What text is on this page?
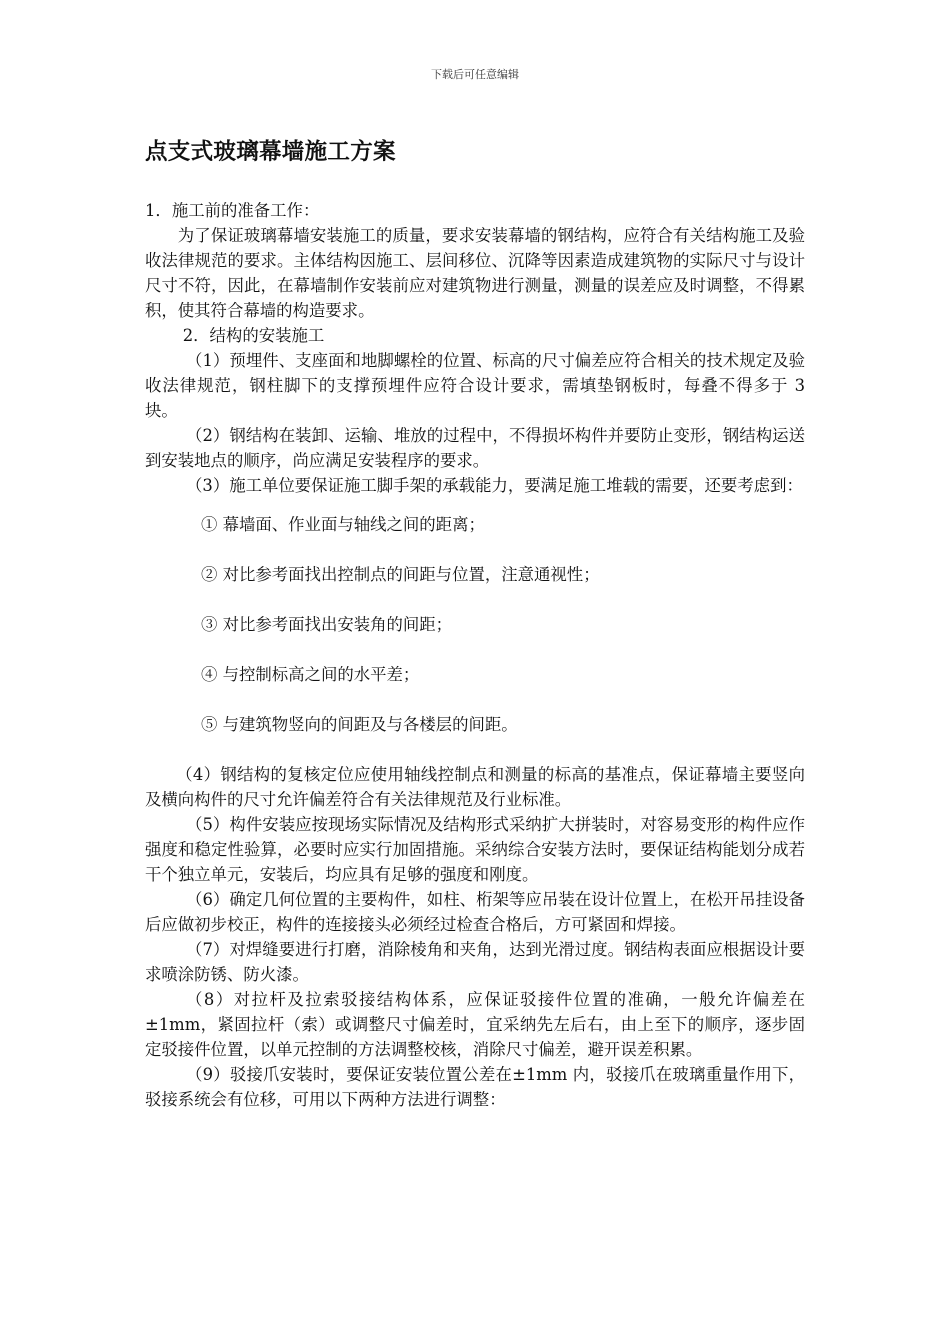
下载后可任意编辑
点支式玻璃幕墙施工方案

1．施工前的准备工作：

为了保证玻璃幕墙安装施工的质量，要求安装幕墙的钢结构，应符合有关结构施工及验收法律规范的要求。主体结构因施工、层间移位、沉降等因素造成建筑物的实际尺寸与设计尺寸不符，因此，在幕墙制作安装前应对建筑物进行测量，测量的误差应及时调整，不得累积，使其符合幕墙的构造要求。

2．结构的安装施工

（1）预埋件、支座面和地脚螺栓的位置、标高的尺寸偏差应符合相关的技术规定及验收法律规范，钢柱脚下的支撑预埋件应符合设计要求，需填垫钢板时，每叠不得多于 3 块。

（2）钢结构在装卸、运输、堆放的过程中，不得损坏构件并要防止变形，钢结构运送到安装地点的顺序，尚应满足安装程序的要求。

（3）施工单位要保证施工脚手架的承载能力，要满足施工堆载的需要，还要考虑到：

① 幕墙面、作业面与轴线之间的距离；
② 对比参考面找出控制点的间距与位置，注意通视性；
③ 对比参考面找出安装角的间距；
④ 与控制标高之间的水平差；
⑤ 与建筑物竖向的间距及与各楼层的间距。

（4）钢结构的复核定位应使用轴线控制点和测量的标高的基准点，保证幕墙主要竖向及横向构件的尺寸允许偏差符合有关法律规范及行业标准。

（5）构件安装应按现场实际情况及结构形式采纳扩大拼装时，对容易变形的构件应作强度和稳定性验算，必要时应实行加固措施。采纳综合安装方法时，要保证结构能划分成若干个独立单元，安装后，均应具有足够的强度和刚度。

（6）确定几何位置的主要构件，如柱、桁架等应吊装在设计位置上，在松开吊挂设备后应做初步校正，构件的连接接头必须经过检查合格后，方可紧固和焊接。

（7）对焊缝要进行打磨，消除棱角和夹角，达到光滑过度。钢结构表面应根据设计要求喷涂防锈、防火漆。

（8）对拉杆及拉索驳接结构体系，应保证驳接件位置的准确，一般允许偏差在±1mm，紧固拉杆（索）或调整尺寸偏差时，宜采纳先左后右，由上至下的顺序，逐步固定驳接件位置，以单元控制的方法调整校核，消除尺寸偏差，避开误差积累。

（9）驳接爪安装时，要保证安装位置公差在±1mm 内，驳接爪在玻璃重量作用下，驳接系统会有位移，可用以下两种方法进行调整：
